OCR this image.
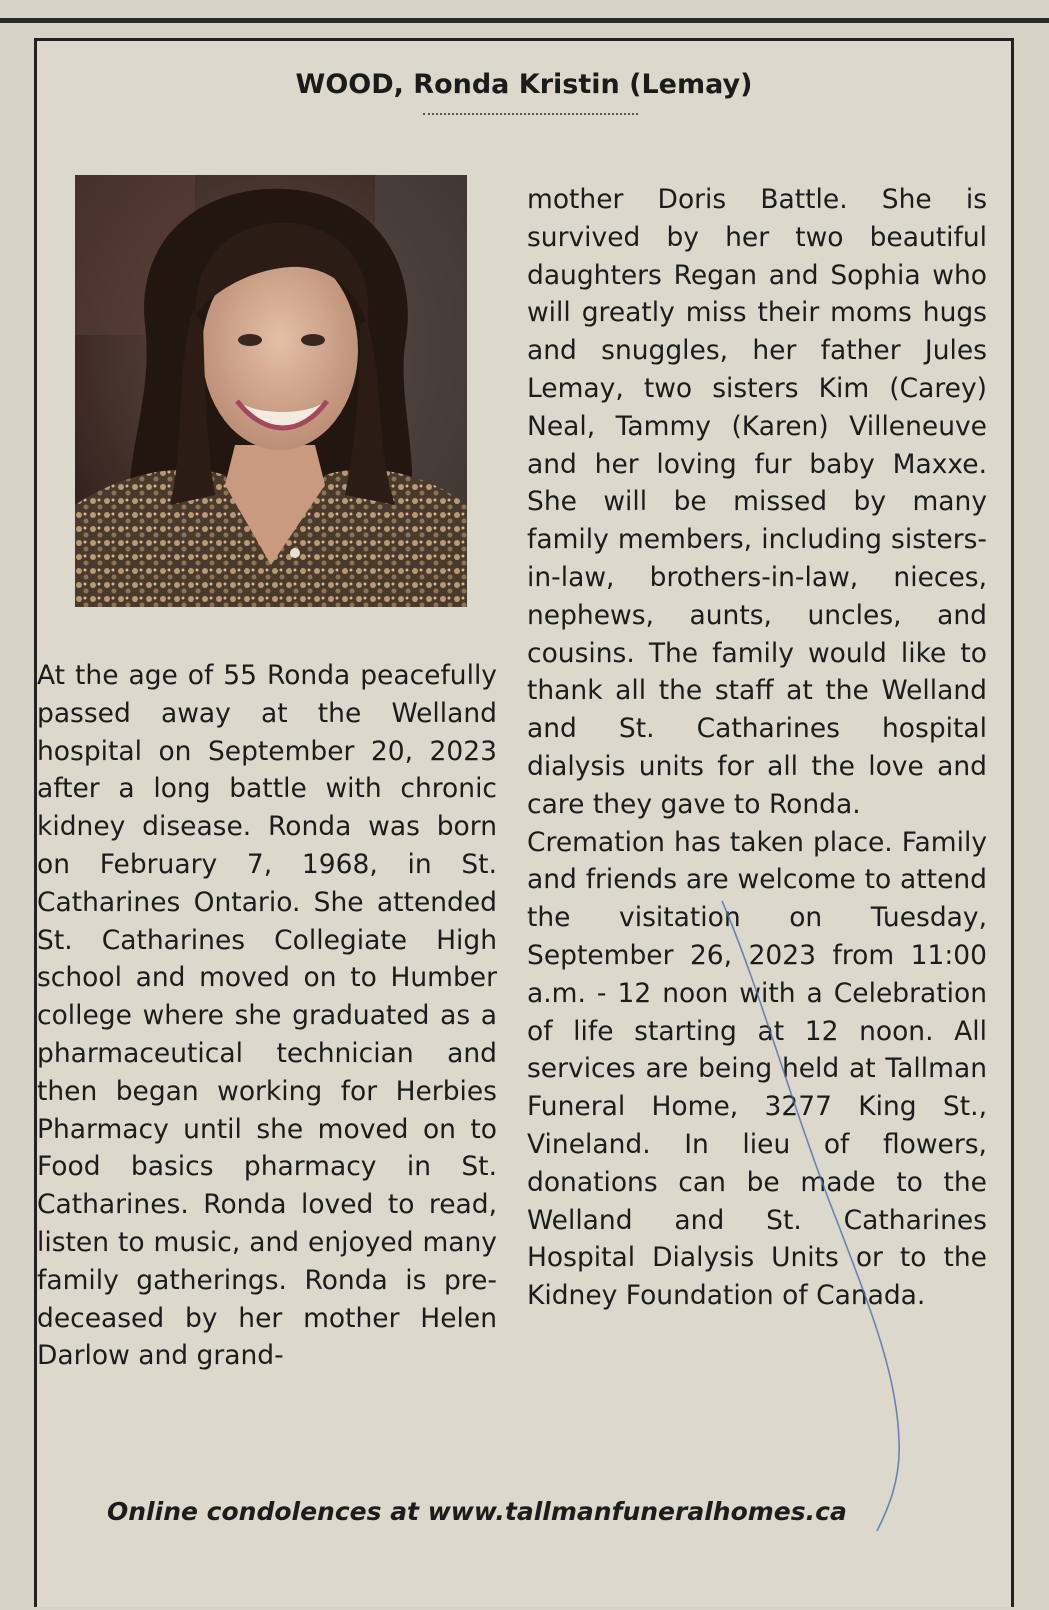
WOOD, Ronda Kristin (Lemay)

At the age of 55 Ronda peacefully passed away at the Welland hospital on September 20, 2023 after a long battle with chronic kidney disease. Ronda was born on February 7, 1968, in St. Catharines Ontario. She attended St. Catharines Collegiate High school and moved on to Humber college where she graduated as a pharmaceutical technician and then began working for Herbies Pharmacy until she moved on to Food basics pharmacy in St. Catharines. Ronda loved to read, listen to music, and enjoyed many family gatherings. Ronda is pre-deceased by her mother Helen Darlow and grand-

mother Doris Battle. She is survived by her two beautiful daughters Regan and Sophia who will greatly miss their moms hugs and snuggles, her father Jules Lemay, two sisters Kim (Carey) Neal, Tammy (Karen) Villeneuve and her loving fur baby Maxxe. She will be missed by many family members, including sisters-in-law, brothers-in-law, nieces, nephews, aunts, uncles, and cousins. The family would like to thank all the staff at the Welland and St. Catharines hospital dialysis units for all the love and care they gave to Ronda.

Cremation has taken place. Family and friends are welcome to attend the visitation on Tuesday, September 26, 2023 from 11:00 a.m. - 12 noon with a Celebration of life starting at 12 noon. All services are being held at Tallman Funeral Home, 3277 King St., Vineland. In lieu of flowers, donations can be made to the Welland and St. Catharines Hospital Dialysis Units or to the Kidney Foundation of Canada.

Online condolences at www.tallmanfuneralhomes.ca
